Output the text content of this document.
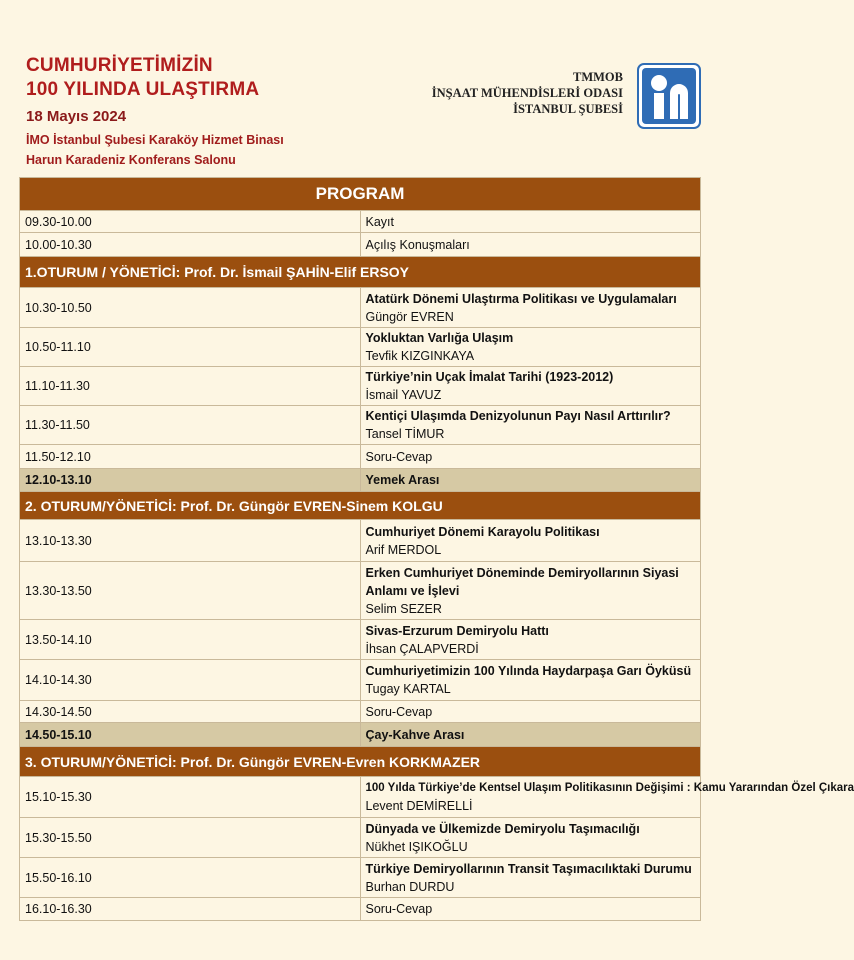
CUMHURİYETİMİZİN
100 YILINDA ULAŞTIRMA
18 Mayıs 2024
İMO İstanbul Şubesi Karaköy Hizmet Binası
Harun Karadeniz Konferans Salonu
TMMOB
İNŞAAT MÜHENDİSLERİ ODASI
İSTANBUL ŞUBESİ
PROGRAM	
09.30-10.00	Kayıt
10.00-10.30	Açılış Konuşmaları
1.OTURUM / YÖNETİCİ: Prof. Dr. İsmail ŞAHİN-Elif ERSOY	
10.30-10.50	Atatürk Dönemi Ulaştırma Politikası ve Uygulamaları
Güngör EVREN

10.50-11.10	Yokluktan Varlığa Ulaşım
Tevfik KIZGINKAYA

11.10-11.30	Türkiye’nin Uçak İmalat Tarihi (1923-2012)
İsmail YAVUZ

11.30-11.50	Kentiçi Ulaşımda Denizyolunun Payı Nasıl Arttırılır?
Tansel TİMUR

11.50-12.10	Soru-Cevap
12.10-13.10	Yemek Arası
2. OTURUM/YÖNETİCİ: Prof. Dr. Güngör EVREN-Sinem KOLGU	
13.10-13.30	Cumhuriyet Dönemi Karayolu Politikası
Arif MERDOL

13.30-13.50	Erken Cumhuriyet Döneminde Demiryollarının Siyasi Anlamı ve İşlevi
Selim SEZER

13.50-14.10	Sivas-Erzurum Demiryolu Hattı
İhsan ÇALAPVERDİ

14.10-14.30	Cumhuriyetimizin 100 Yılında Haydarpaşa Garı Öyküsü
Tugay KARTAL

14.30-14.50	Soru-Cevap
14.50-15.10	Çay-Kahve Arası
3. OTURUM/YÖNETİCİ: Prof. Dr. Güngör EVREN-Evren KORKMAZER	
15.10-15.30	100 Yılda Türkiye’de Kentsel Ulaşım Politikasının Değişimi : Kamu Yararından Özel Çıkara
Levent DEMİRELLİ

15.30-15.50	Dünyada ve Ülkemizde Demiryolu Taşımacılığı
Nükhet IŞIKOĞLU

15.50-16.10	Türkiye Demiryollarının Transit Taşımacılıktaki Durumu
Burhan DURDU

16.10-16.30	Soru-Cevap
